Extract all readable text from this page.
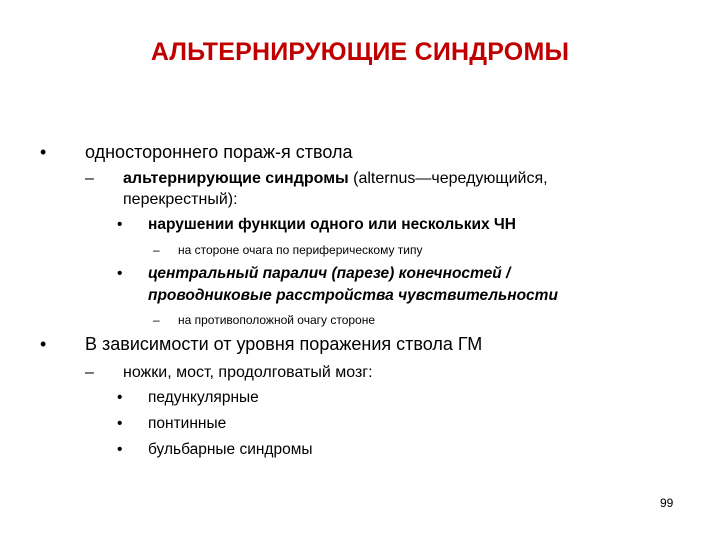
АЛЬТЕРНИРУЮЩИЕ СИНДРОМЫ
• одностороннего пораж-я ствола
– альтернирующие синдромы (alternus—чередующийся,
перекрестный):
• нарушении функции одного или нескольких ЧН
– на стороне очага по периферическому типу
• центральный паралич (парезе) конечностей /
проводниковые расстройства чувствительности
– на противоположной очагу стороне
• В зависимости от уровня поражения ствола ГМ
– ножки, мост, продолговатый мозг:
• педункулярные
• понтинные
• бульбарные синдромы
99
